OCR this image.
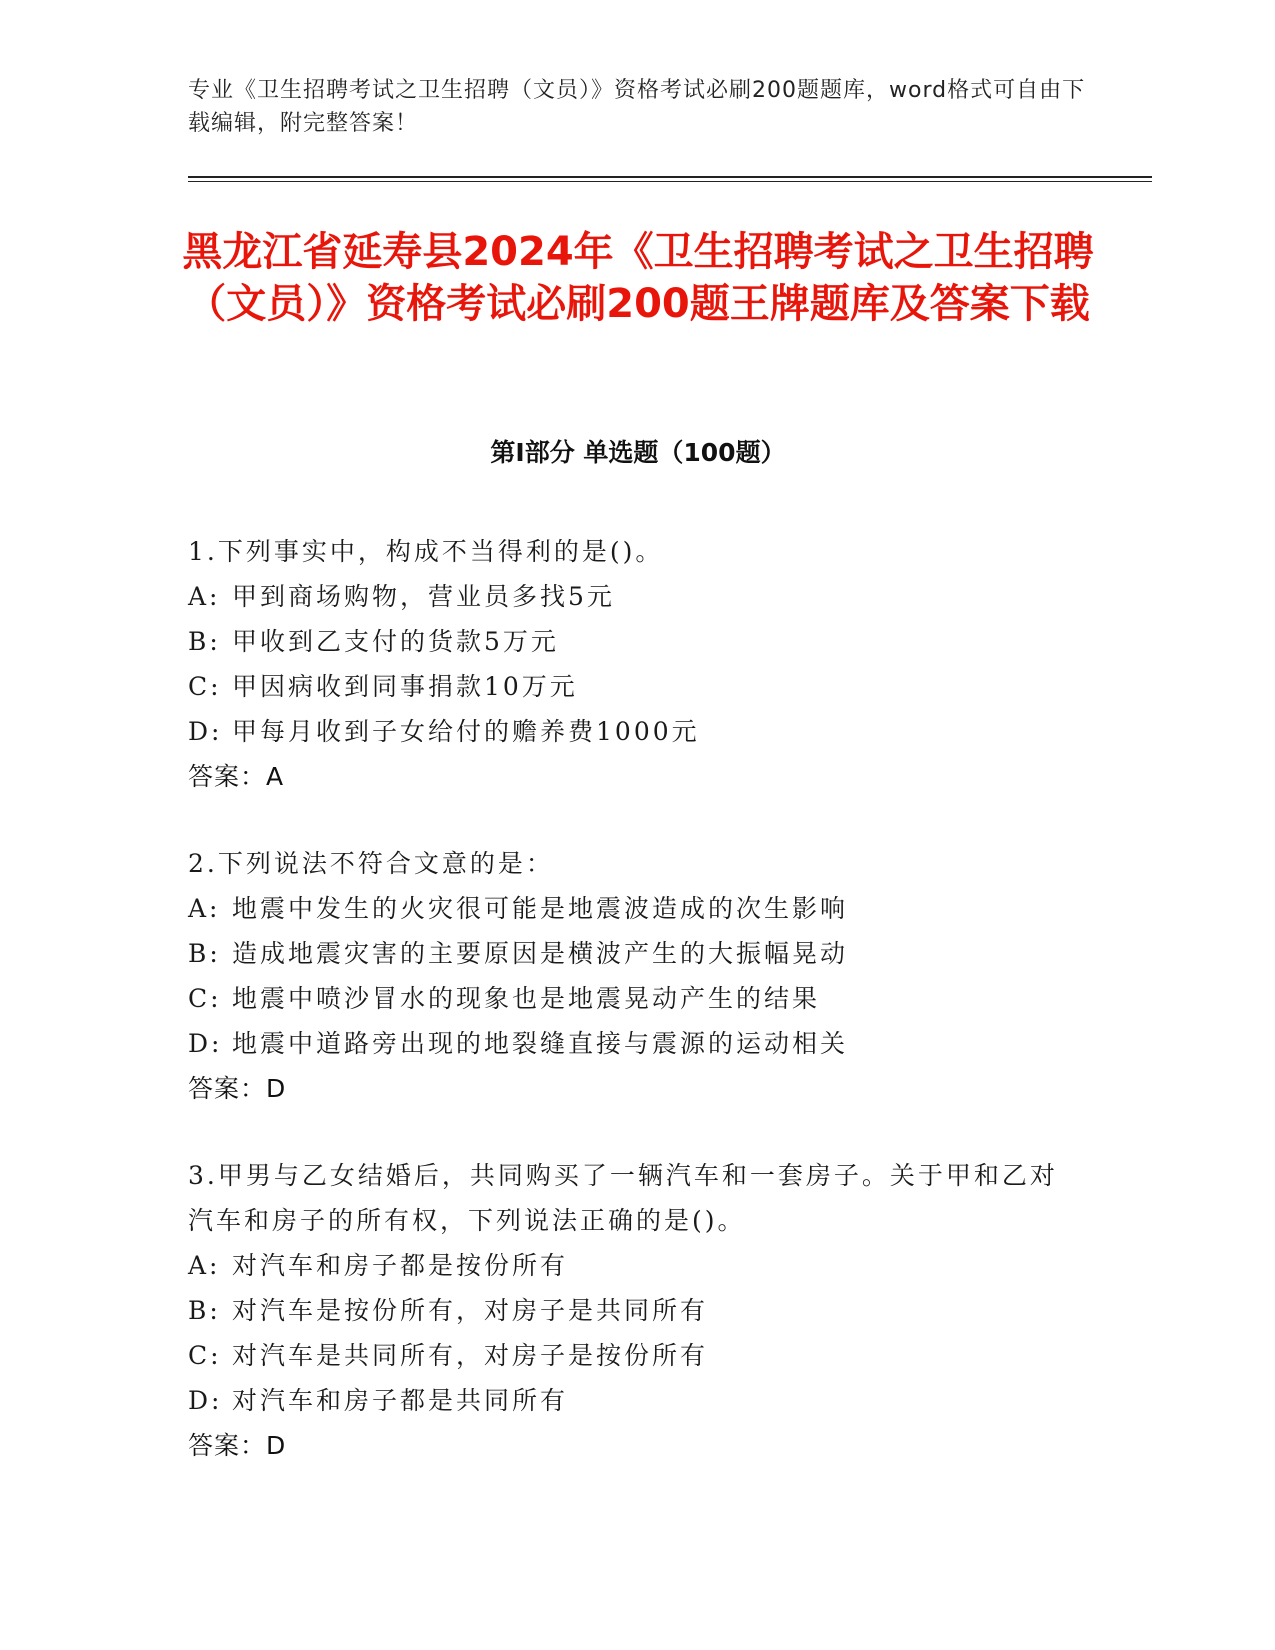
专业《卫生招聘考试之卫生招聘（文员）》资格考试必刷200题题库，word格式可自由下载编辑，附完整答案！
黑龙江省延寿县2024年《卫生招聘考试之卫生招聘（文员）》资格考试必刷200题王牌题库及答案下载
第Ⅰ部分 单选题（100题）
1.下列事实中，构成不当得利的是()。
A: 甲到商场购物，营业员多找5元
B: 甲收到乙支付的货款5万元
C: 甲因病收到同事捐款10万元
D: 甲每月收到子女给付的赡养费1000元
答案：A
2.下列说法不符合文意的是：
A: 地震中发生的火灾很可能是地震波造成的次生影响
B: 造成地震灾害的主要原因是横波产生的大振幅晃动
C: 地震中喷沙冒水的现象也是地震晃动产生的结果
D: 地震中道路旁出现的地裂缝直接与震源的运动相关
答案：D
3.甲男与乙女结婚后，共同购买了一辆汽车和一套房子。关于甲和乙对汽车和房子的所有权，下列说法正确的是()。
A: 对汽车和房子都是按份所有
B: 对汽车是按份所有，对房子是共同所有
C: 对汽车是共同所有，对房子是按份所有
D: 对汽车和房子都是共同所有
答案：D
